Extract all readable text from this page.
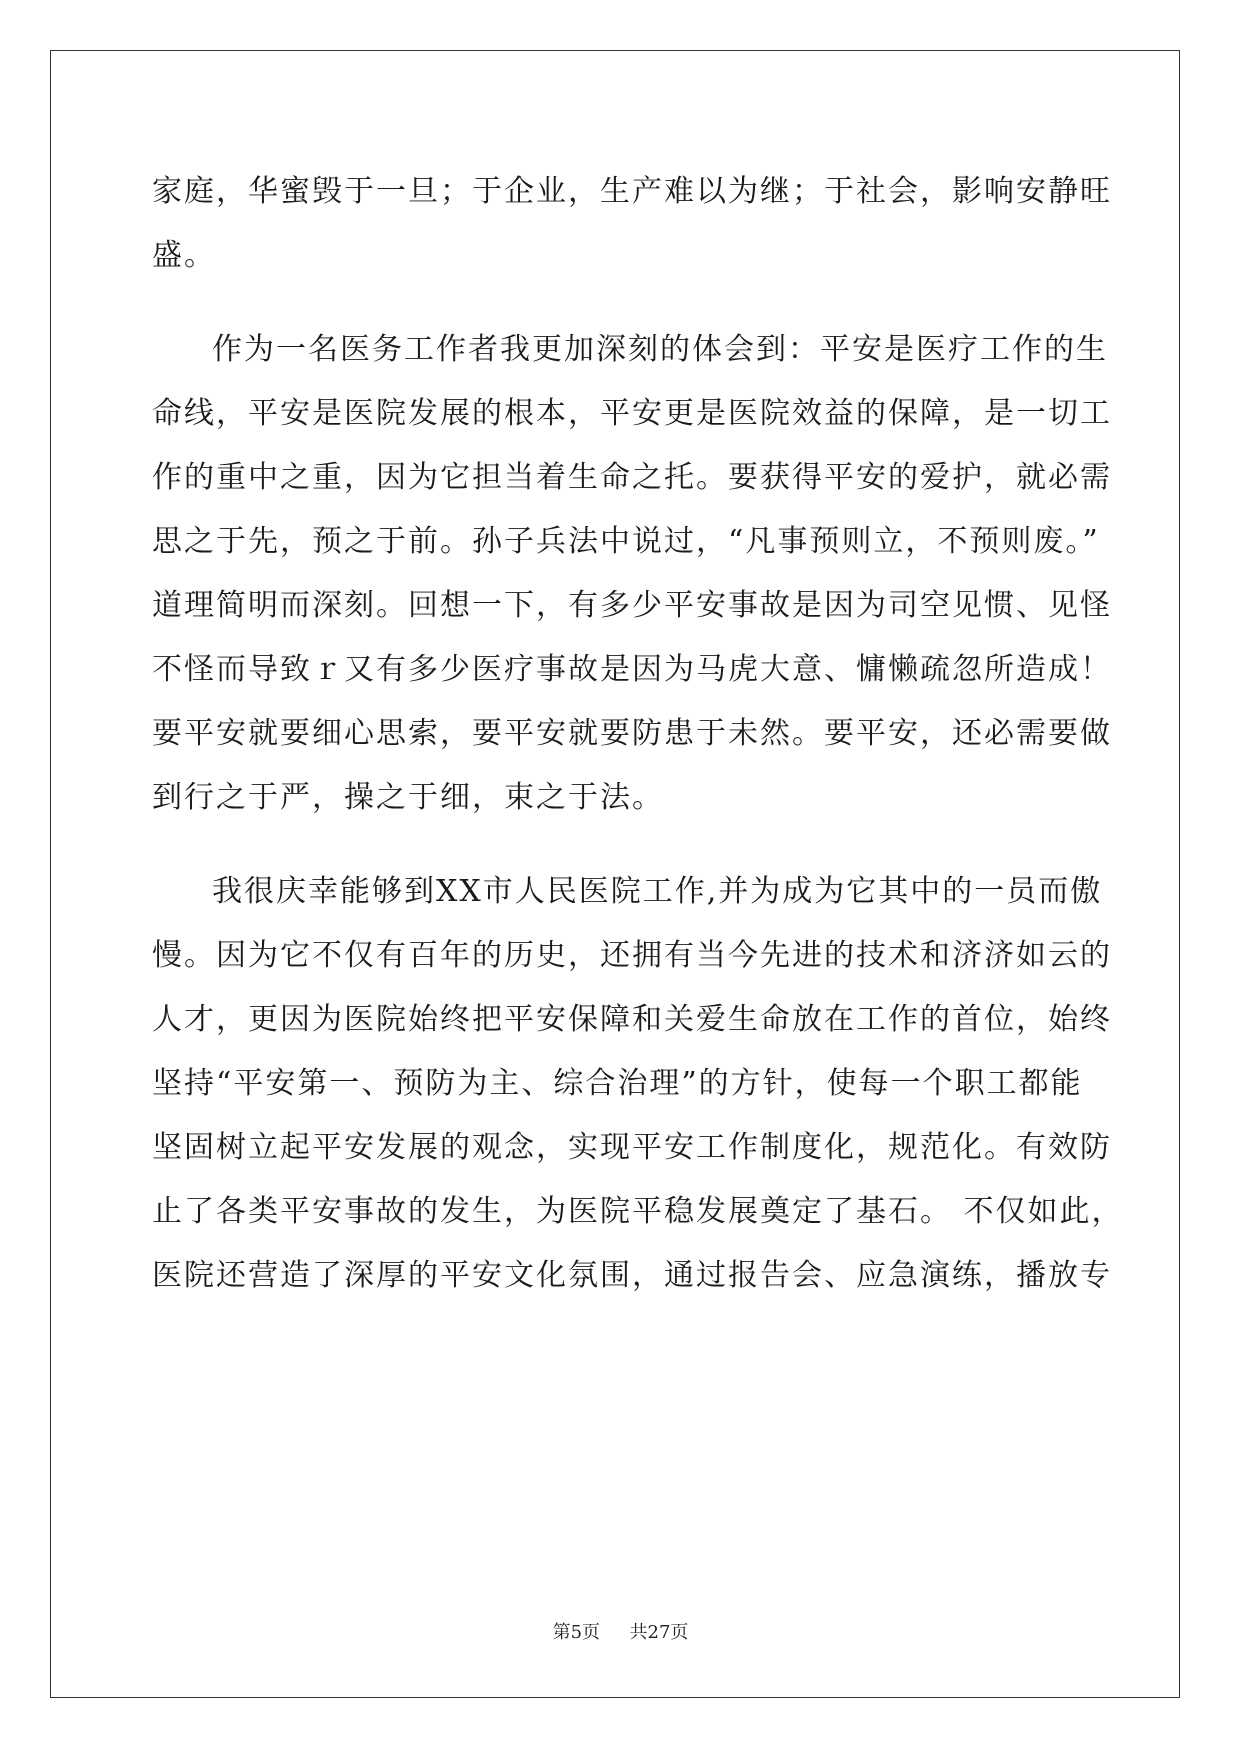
家庭，华蜜毁于一旦；于企业，生产难以为继；于社会，影响安静旺
盛。
作为一名医务工作者我更加深刻的体会到：平安是医疗工作的生
命线，平安是医院发展的根本，平安更是医院效益的保障，是一切工
作的重中之重，因为它担当着生命之托。要获得平安的爱护，就必需
思之于先，预之于前。孙子兵法中说过，“凡事预则立，不预则废。”
道理简明而深刻。回想一下，有多少平安事故是因为司空见惯、见怪
不怪而导致ｒ又有多少医疗事故是因为马虎大意、慵懒疏忽所造成！
要平安就要细心思索，要平安就要防患于未然。要平安，还必需要做
到行之于严，操之于细，束之于法。
我很庆幸能够到XX市人民医院工作,并为成为它其中的一员而傲
慢。因为它不仅有百年的历史，还拥有当今先进的技术和济济如云的
人才，更因为医院始终把平安保障和关爱生命放在工作的首位，始终
坚持“平安第一、预防为主、综合治理”的方针，使每一个职工都能
坚固树立起平安发展的观念，实现平安工作制度化，规范化。有效防
止了各类平安事故的发生，为医院平稳发展奠定了基石。 不仅如此，
医院还营造了深厚的平安文化氛围，通过报告会、应急演练，播放专
第5页 共27页
